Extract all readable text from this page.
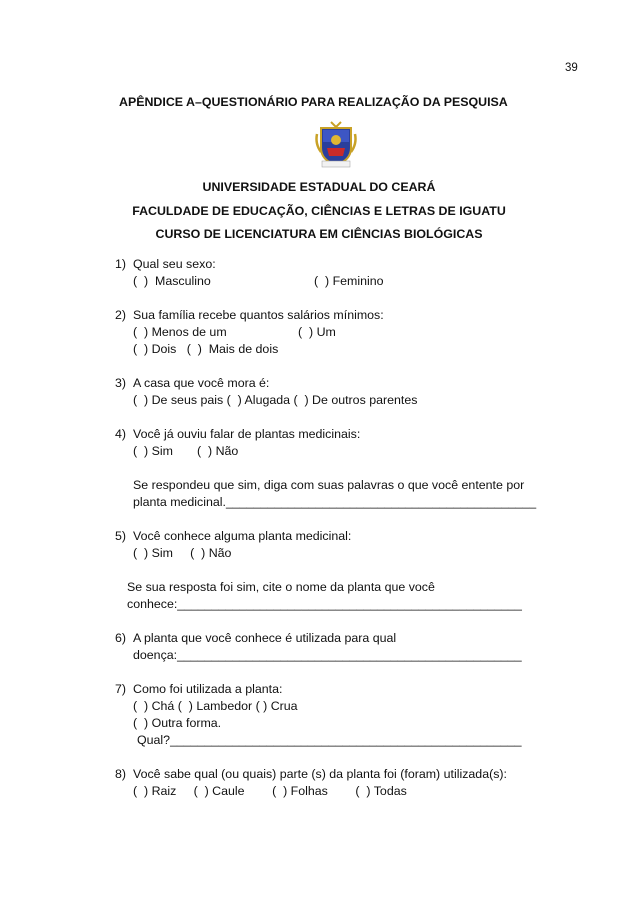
39
APÊNDICE A–QUESTIONÁRIO PARA REALIZAÇÃO DA PESQUISA
UNIVERSIDADE ESTADUAL DO CEARÁ
FACULDADE DE EDUCAÇÃO, CIÊNCIAS E LETRAS DE IGUATU
CURSO DE LICENCIATURA EM CIÊNCIAS BIOLÓGICAS
1) Qual seu sexo:
(  )  Masculino	(  ) Feminino
2) Sua família recebe quantos salários mínimos:
(  ) Menos de um	(  ) Um
(  ) Dois   (  )  Mais de dois
3) A casa que você mora é:
(  ) De seus pais (  ) Alugada (  ) De outros parentes
4) Você já ouviu falar de plantas medicinais:
(  ) Sim       (  ) Não
Se respondeu que sim, diga com suas palavras o que você entente por
planta medicinal._____________________________________________
5) Você conhece alguma planta medicinal:
(  ) Sim     (  ) Não
Se sua resposta foi sim, cite o nome da planta que você
conhece:__________________________________________________
6) A planta que você conhece é utilizada para qual
doença:__________________________________________________
7) Como foi utilizada a planta:
(  ) Chá (  ) Lambedor ( ) Crua
(  ) Outra forma.
Qual?___________________________________________________
8) Você sabe qual (ou quais) parte (s) da planta foi (foram) utilizada(s):
(  ) Raiz     (  ) Caule        (  ) Folhas        (  ) Todas
